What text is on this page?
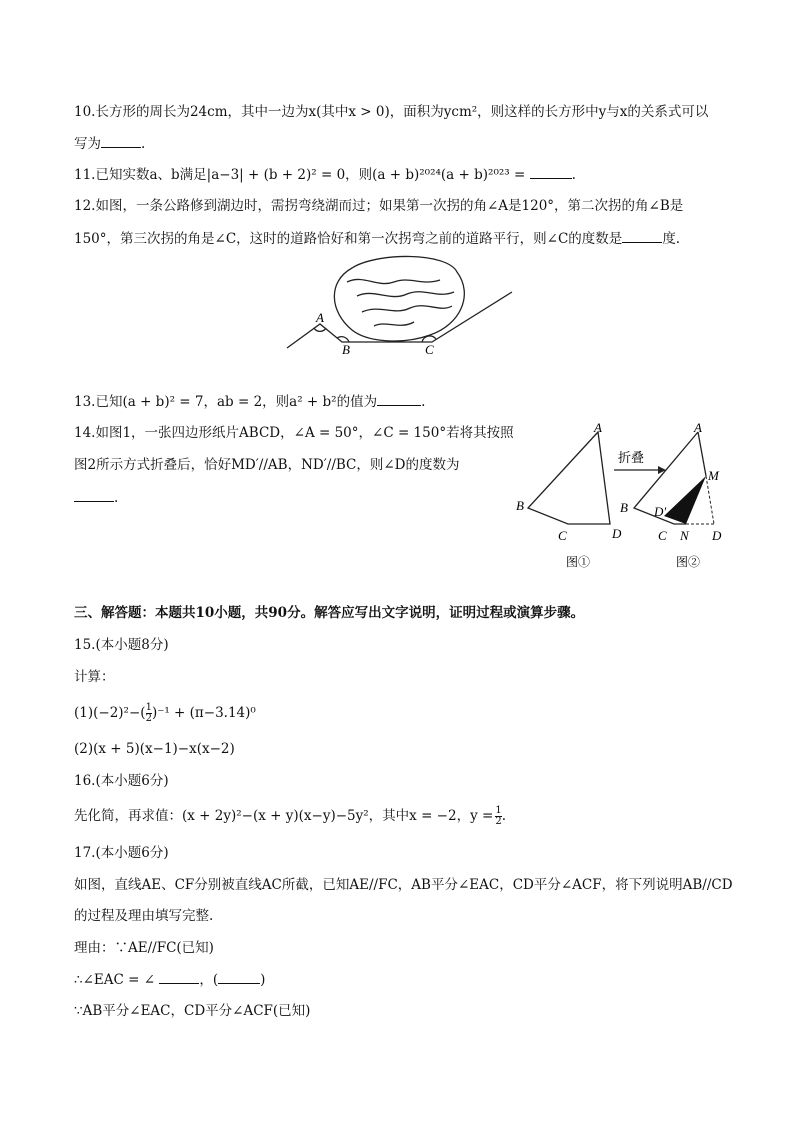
10.长方形的周长为24cm，其中一边为x(其中x > 0)，面积为ycm²，则这样的长方形中y与x的关系式可以
写为	.
11.已知实数a、b满足|a−3| + (b + 2)² = 0，则(a + b)²⁰²⁴(a + b)²⁰²³ =	.
12.如图，一条公路修到湖边时，需拐弯绕湖而过；如果第一次拐的角∠A是120°，第二次拐的角∠B是
150°，第三次拐的角是∠C，这时的道路恰好和第一次拐弯之前的道路平行，则∠C的度数是	度.
A
B	C
13.已知(a + b)² = 7，ab = 2，则a² + b²的值为	.
14.如图1，一张四边形纸片ABCD，∠A = 50°，∠C = 150°若将其按照
图2所示方式折叠后，恰好MD′//AB，ND′//BC，则∠D的度数为
.
A
B
C	D
图①
折叠
A
M
B D′
C N D
图②
三、解答题：本题共10小题，共90分。解答应写出文字说明，证明过程或演算步骤。
15.(本小题8分)
计算：
$(1)(-2)^2-( \frac{1}{2} )^{-1} + (\pi-3.14)^0$
(2)(x + 5)(x−1)−x(x−2)
16.(本小题6分)
先化简，再求值：(x + 2y)²−(x + y)(x−y)−5y²，其中x = −2，$y = \frac{1}{2}$ .
17.(本小题6分)
如图，直线AE、CF分别被直线AC所截，已知AE//FC，AB平分∠EAC，CD平分∠ACF，将下列说明AB//CD
的过程及理由填写完整.
理由：∵AE//FC(已知)
∴∠EAC = ∠	，(	)
∵AB平分∠EAC，CD平分∠ACF(已知)
